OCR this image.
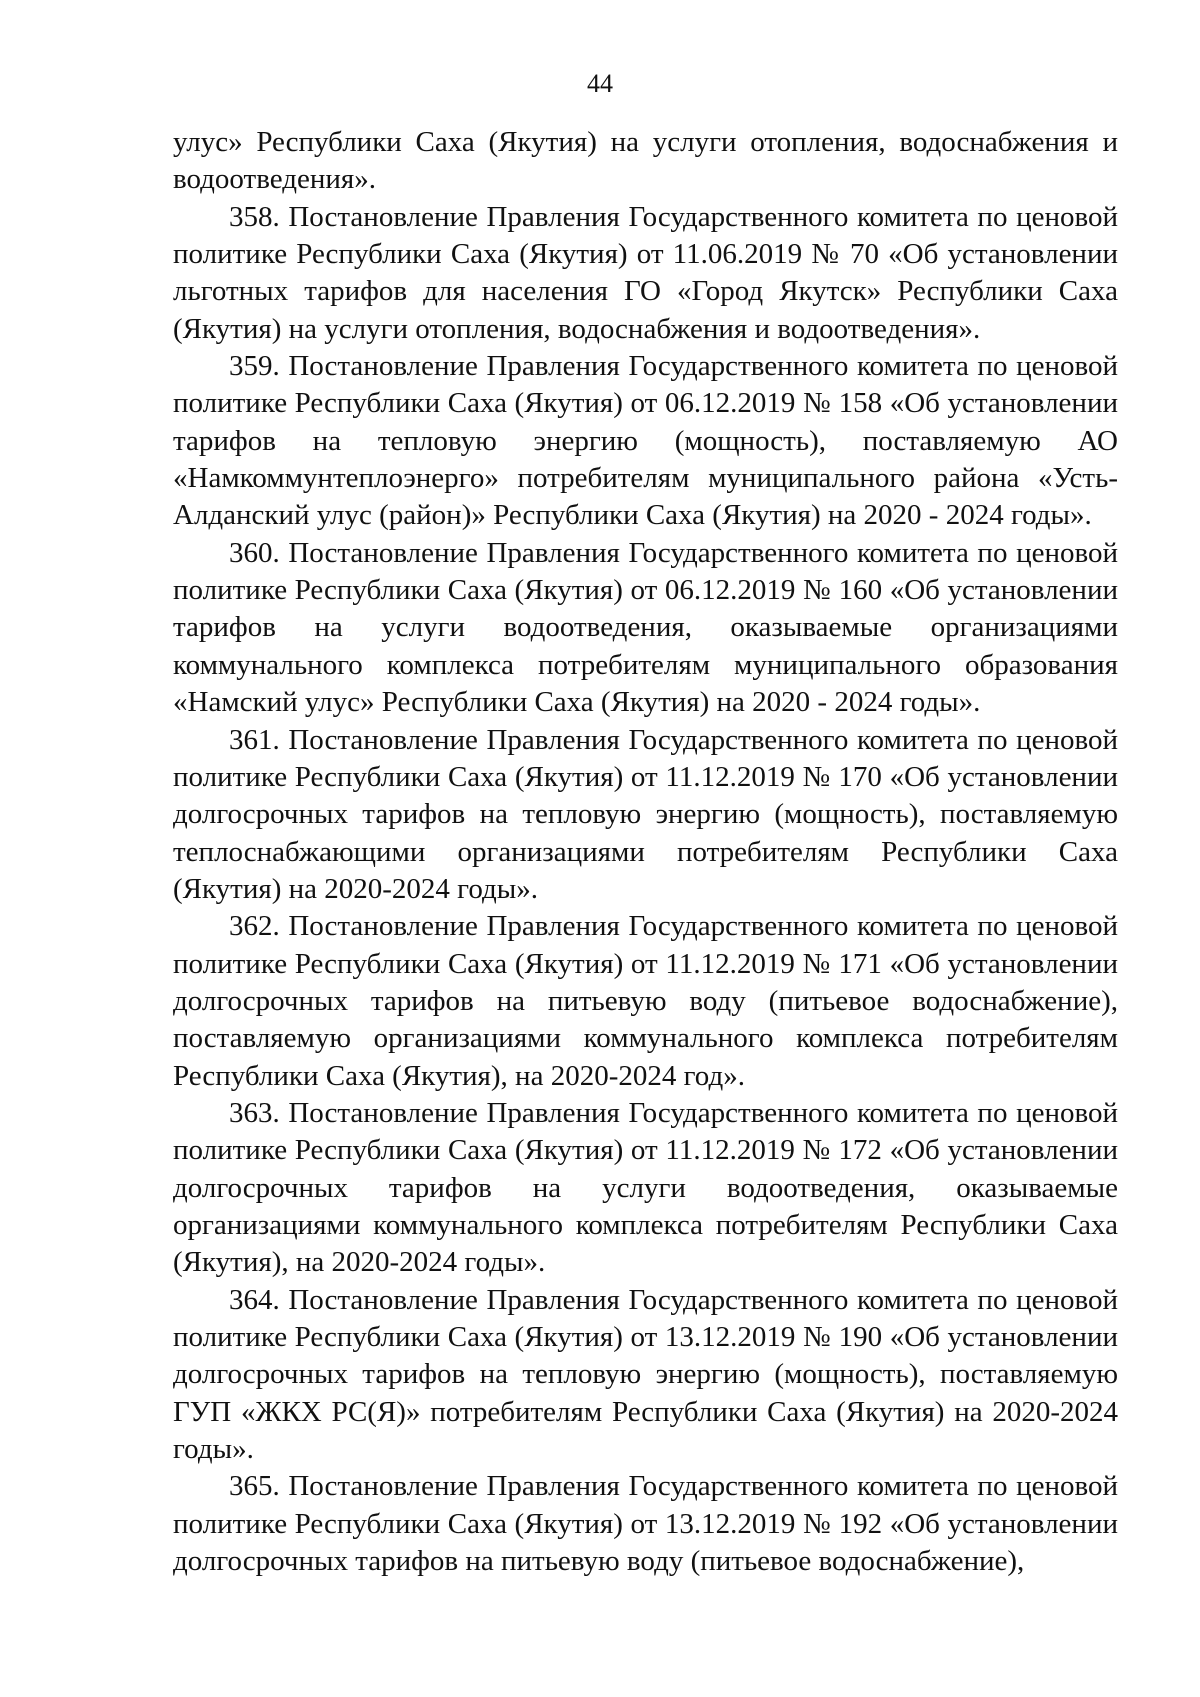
44

улус» Республики Саха (Якутия) на услуги отопления, водоснабжения и водоотведения».

358. Постановление Правления Государственного комитета по ценовой политике Республики Саха (Якутия) от 11.06.2019 № 70 «Об установлении льготных тарифов для населения ГО «Город Якутск» Республики Саха (Якутия) на услуги отопления, водоснабжения и водоотведения».

359. Постановление Правления Государственного комитета по ценовой политике Республики Саха (Якутия) от 06.12.2019 № 158 «Об установлении тарифов на тепловую энергию (мощность), поставляемую АО «Намкоммунтеплоэнерго» потребителям муниципального района «Усть-Алданский улус (район)» Республики Саха (Якутия) на 2020 - 2024 годы».

360. Постановление Правления Государственного комитета по ценовой политике Республики Саха (Якутия) от 06.12.2019 № 160 «Об установлении тарифов на услуги водоотведения, оказываемые организациями коммунального комплекса потребителям муниципального образования «Намский улус» Республики Саха (Якутия) на 2020 - 2024 годы».

361. Постановление Правления Государственного комитета по ценовой политике Республики Саха (Якутия) от 11.12.2019 № 170 «Об установлении долгосрочных тарифов на тепловую энергию (мощность), поставляемую теплоснабжающими организациями потребителям Республики Саха (Якутия) на 2020-2024 годы».

362. Постановление Правления Государственного комитета по ценовой политике Республики Саха (Якутия) от 11.12.2019 № 171 «Об установлении долгосрочных тарифов на питьевую воду (питьевое водоснабжение), поставляемую организациями коммунального комплекса потребителям Республики Саха (Якутия), на 2020-2024 год».

363. Постановление Правления Государственного комитета по ценовой политике Республики Саха (Якутия) от 11.12.2019 № 172 «Об установлении долгосрочных тарифов на услуги водоотведения, оказываемые организациями коммунального комплекса потребителям Республики Саха (Якутия), на 2020-2024 годы».

364. Постановление Правления Государственного комитета по ценовой политике Республики Саха (Якутия) от 13.12.2019 № 190 «Об установлении долгосрочных тарифов на тепловую энергию (мощность), поставляемую ГУП «ЖКХ РС(Я)» потребителям Республики Саха (Якутия) на 2020-2024 годы».

365. Постановление Правления Государственного комитета по ценовой политике Республики Саха (Якутия) от 13.12.2019 № 192 «Об установлении долгосрочных тарифов на питьевую воду (питьевое водоснабжение),
